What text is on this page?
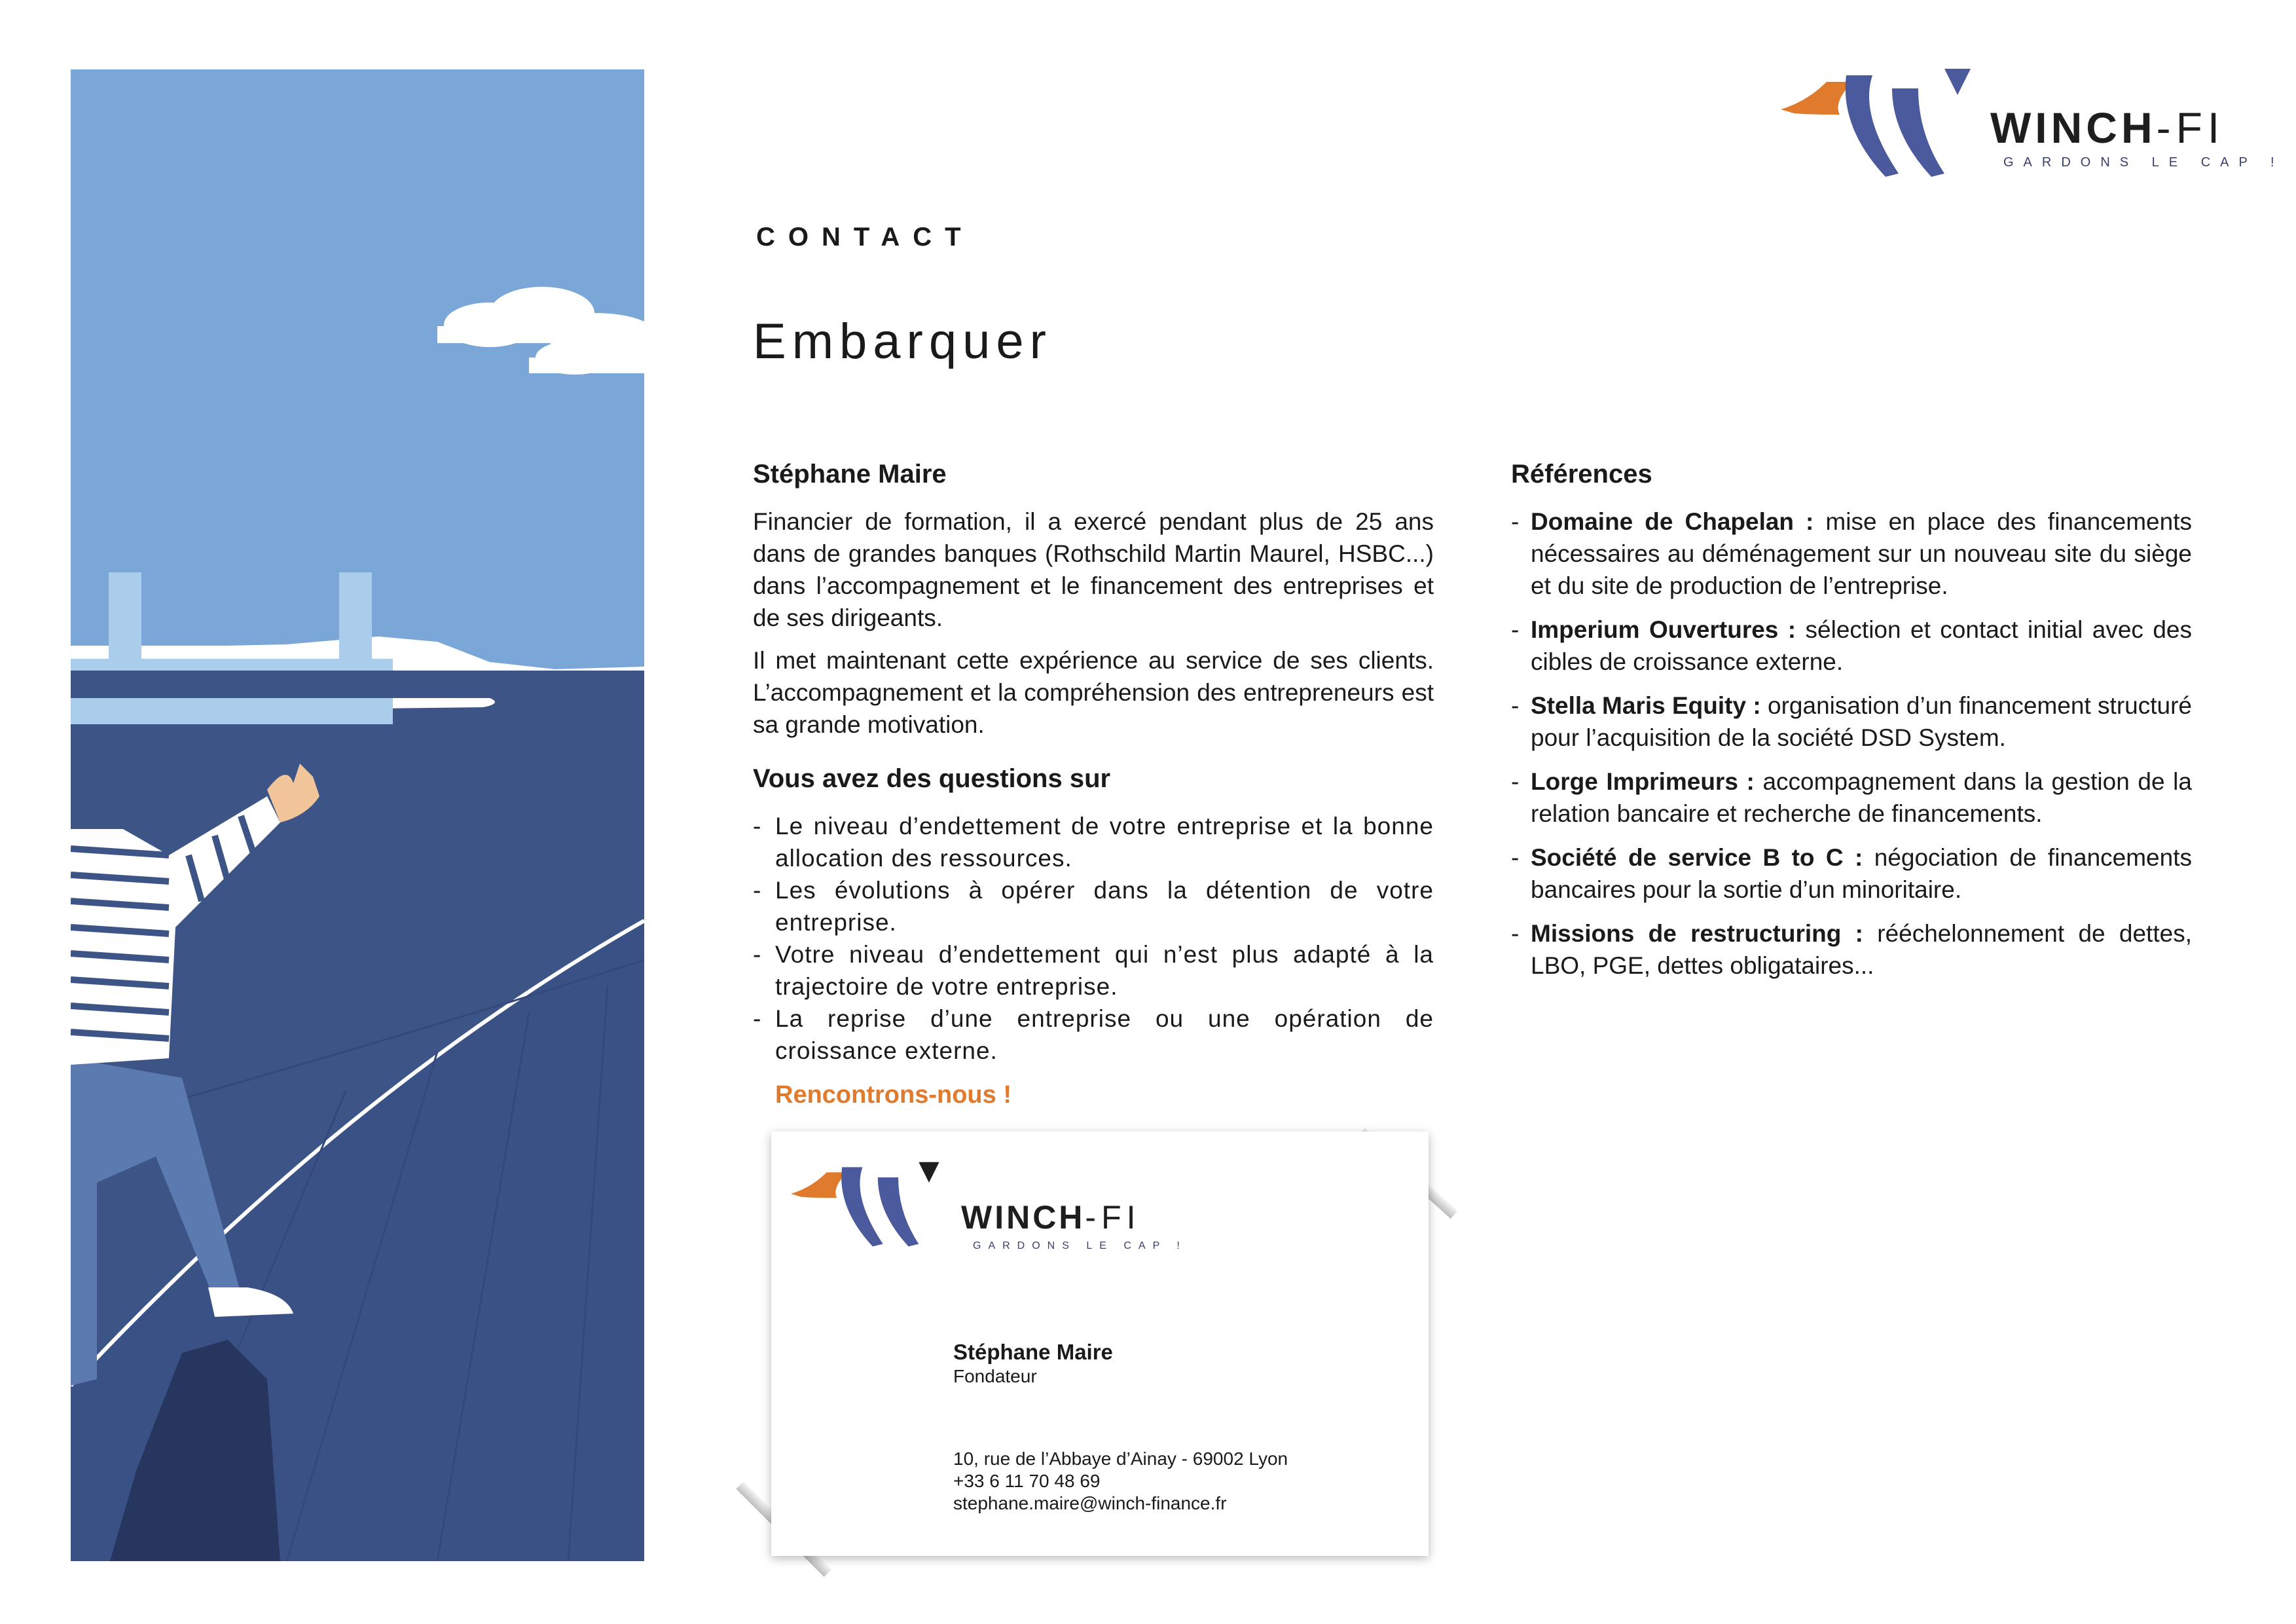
WINCH-FI
GARDONS LE CAP !
CONTACT
Embarquer
Stéphane Maire

Financier de formation, il a exercé pendant plus de 25 ans dans de grandes banques (Rothschild Martin Maurel, HSBC...) dans l’accompagnement et le financement des entreprises et de ses dirigeants.

Il met maintenant cette expérience au service de ses clients. L’accompagnement et la compréhension des entrepreneurs est sa grande motivation.

Vous avez des questions sur
- Le niveau d’endettement de votre entreprise et la bonne allocation des ressources.
- Les évolutions à opérer dans la détention de votre entreprise.
- Votre niveau d’endettement qui n’est plus adapté à la trajectoire de votre entreprise.
- La reprise d’une entreprise ou une opération de croissance externe.
Rencontrons-nous !
Références
- Domaine de Chapelan : mise en place des financements nécessaires au déménagement sur un nouveau site du siège et du site de production de l’entreprise.
- Imperium Ouvertures : sélection et contact initial avec des cibles de croissance externe.
- Stella Maris Equity : organisation d’un financement structuré pour l’acquisition de la société DSD System.
- Lorge Imprimeurs : accompagnement dans la gestion de la relation bancaire et recherche de financements.
- Société de service B to C : négociation de financements bancaires pour la sortie d’un minoritaire.
- Missions de restructuring : rééchelonnement de dettes, LBO, PGE, dettes obligataires...
WINCH-FI
GARDONS LE CAP !
Stéphane Maire
Fondateur
10, rue de l’Abbaye d’Ainay - 69002 Lyon
+33 6 11 70 48 69
stephane.maire@winch-finance.fr
